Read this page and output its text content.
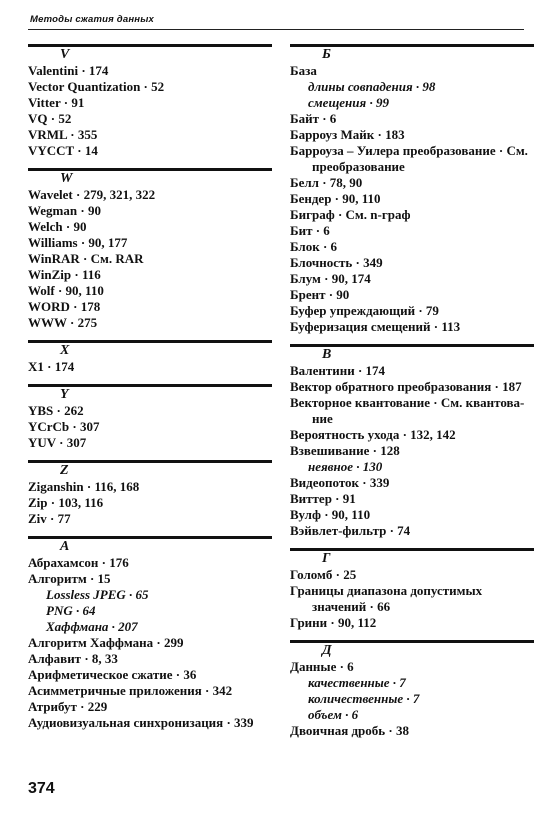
Методы сжатия данных
V
Valentini · 174
Vector Quantization · 52
Vitter · 91
VQ · 52
VRML · 355
VYCCT · 14
W
Wavelet · 279, 321, 322
Wegman · 90
Welch · 90
Williams · 90, 177
WinRAR · См. RAR
WinZip · 116
Wolf · 90, 110
WORD · 178
WWW · 275
X
X1 · 174
Y
YBS · 262
YCrCb · 307
YUV · 307
Z
Ziganshin · 116, 168
Zip · 103, 116
Ziv · 77
А
Абрахамсон · 176
Алгоритм · 15
Lossless JPEG · 65
PNG · 64
Хаффмана · 207
Алгоритм Хаффмана · 299
Алфавит · 8, 33
Арифметическое сжатие · 36
Асимметричные приложения · 342
Атрибут · 229
Аудиовизуальная синхронизация · 339
Б
База
длины совпадения · 98
смещения · 99
Байт · 6
Барроуз Майк · 183
Барроуза – Уилера преобразование · См.
преобразование
Белл · 78, 90
Бендер · 90, 110
Биграф · См. n-граф
Бит · 6
Блок · 6
Блочность · 349
Блум · 90, 174
Брент · 90
Буфер упреждающий · 79
Буферизация смещений · 113
В
Валентини · 174
Вектор обратного преобразования · 187
Векторное квантование · См. квантова-
ние
Вероятность ухода · 132, 142
Взвешивание · 128
неявное · 130
Видеопоток · 339
Виттер · 91
Вулф · 90, 110
Вэйвлет-фильтр · 74
Г
Голомб · 25
Границы диапазона допустимых
значений · 66
Грини · 90, 112
Д
Данные · 6
качественные · 7
количественные · 7
объем · 6
Двоичная дробь · 38
374
